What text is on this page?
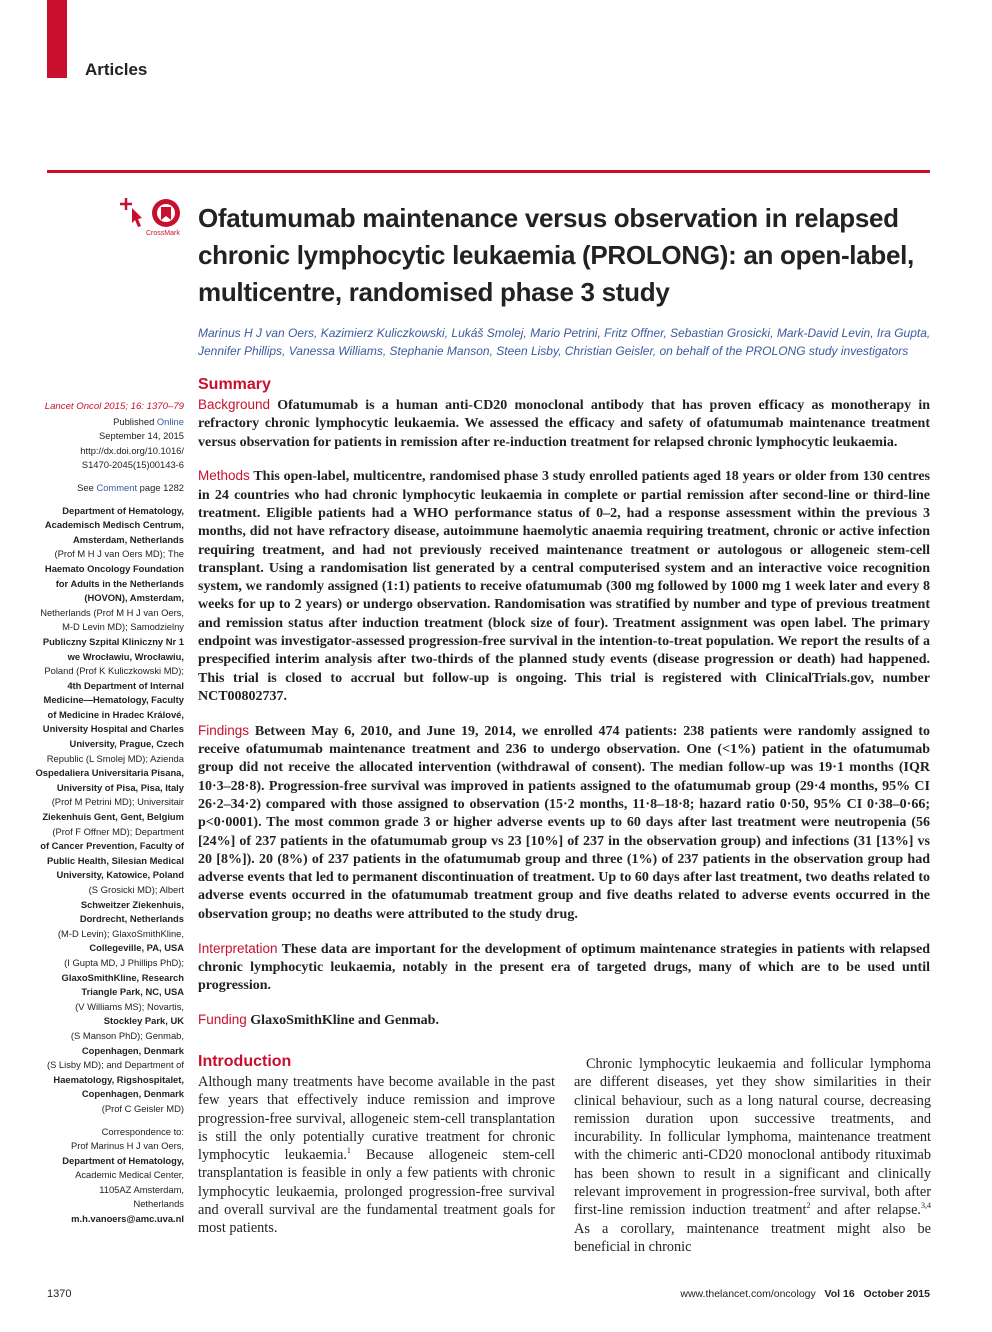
Articles
CrossMark
Ofatumumab maintenance versus observation in relapsed chronic lymphocytic leukaemia (PROLONG): an open-label, multicentre, randomised phase 3 study
Marinus H J van Oers, Kazimierz Kuliczkowski, Lukáš Smolej, Mario Petrini, Fritz Offner, Sebastian Grosicki, Mark-David Levin, Ira Gupta, Jennifer Phillips, Vanessa Williams, Stephanie Manson, Steen Lisby, Christian Geisler, on behalf of the PROLONG study investigators
Summary

Background Ofatumumab is a human anti-CD20 monoclonal antibody that has proven efficacy as monotherapy in refractory chronic lymphocytic leukaemia. We assessed the efficacy and safety of ofatumumab maintenance treatment versus observation for patients in remission after re-induction treatment for relapsed chronic lymphocytic leukaemia.

Methods This open-label, multicentre, randomised phase 3 study enrolled patients aged 18 years or older from 130 centres in 24 countries who had chronic lymphocytic leukaemia in complete or partial remission after second-line or third-line treatment. Eligible patients had a WHO performance status of 0–2, had a response assessment within the previous 3 months, did not have refractory disease, autoimmune haemolytic anaemia requiring treatment, chronic or active infection requiring treatment, and had not previously received maintenance treatment or autologous or allogeneic stem-cell transplant. Using a randomisation list generated by a central computerised system and an interactive voice recognition system, we randomly assigned (1:1) patients to receive ofatumumab (300 mg followed by 1000 mg 1 week later and every 8 weeks for up to 2 years) or undergo observation. Randomisation was stratified by number and type of previous treatment and remission status after induction treatment (block size of four). Treatment assignment was open label. The primary endpoint was investigator-assessed progression-free survival in the intention-to-treat population. We report the results of a prespecified interim analysis after two-thirds of the planned study events (disease progression or death) had happened. This trial is closed to accrual but follow-up is ongoing. This trial is registered with ClinicalTrials.gov, number NCT00802737.

Findings Between May 6, 2010, and June 19, 2014, we enrolled 474 patients: 238 patients were randomly assigned to receive ofatumumab maintenance treatment and 236 to undergo observation. One (<1%) patient in the ofatumumab group did not receive the allocated intervention (withdrawal of consent). The median follow-up was 19·1 months (IQR 10·3–28·8). Progression-free survival was improved in patients assigned to the ofatumumab group (29·4 months, 95% CI 26·2–34·2) compared with those assigned to observation (15·2 months, 11·8–18·8; hazard ratio 0·50, 95% CI 0·38–0·66; p<0·0001). The most common grade 3 or higher adverse events up to 60 days after last treatment were neutropenia (56 [24%] of 237 patients in the ofatumumab group vs 23 [10%] of 237 in the observation group) and infections (31 [13%] vs 20 [8%]). 20 (8%) of 237 patients in the ofatumumab group and three (1%) of 237 patients in the observation group had adverse events that led to permanent discontinuation of treatment. Up to 60 days after last treatment, two deaths related to adverse events occurred in the ofatumumab treatment group and five deaths related to adverse events occurred in the observation group; no deaths were attributed to the study drug.

Interpretation These data are important for the development of optimum maintenance strategies in patients with relapsed chronic lymphocytic leukaemia, notably in the present era of targeted drugs, many of which are to be used until progression.

Funding GlaxoSmithKline and Genmab.

Lancet Oncol 2015; 16: 1370–79
Published Online
September 14, 2015
http://dx.doi.org/10.1016/
S1470-2045(15)00143-6
See Comment page 1282
Department of Hematology,
Academisch Medisch Centrum,
Amsterdam, Netherlands
(Prof M H J van Oers MD); The
Haemato Oncology Foundation
for Adults in the Netherlands
(HOVON), Amsterdam,
Netherlands (Prof M H J van Oers,
M-D Levin MD); Samodzielny
Publiczny Szpital Kliniczny Nr 1
we Wrocławiu, Wrocławiu,
Poland (Prof K Kuliczkowski MD);
4th Department of Internal
Medicine—Hematology, Faculty
of Medicine in Hradec Králové,
University Hospital and Charles
University, Prague, Czech
Republic (L Smolej MD); Azienda
Ospedaliera Universitaria Pisana,
University of Pisa, Pisa, Italy
(Prof M Petrini MD); Universitair
Ziekenhuis Gent, Gent, Belgium
(Prof F Offner MD); Department
of Cancer Prevention, Faculty of
Public Health, Silesian Medical
University, Katowice, Poland
(S Grosicki MD); Albert
Schweitzer Ziekenhuis,
Dordrecht, Netherlands
(M-D Levin); GlaxoSmithKline,
Collegeville, PA, USA
(I Gupta MD, J Phillips PhD);
GlaxoSmithKline, Research
Triangle Park, NC, USA
(V Williams MS); Novartis,
Stockley Park, UK
(S Manson PhD); Genmab,
Copenhagen, Denmark
(S Lisby MD); and Department of
Haematology, Rigshospitalet,
Copenhagen, Denmark
(Prof C Geisler MD)
Correspondence to:
Prof Marinus H J van Oers,
Department of Hematology,
Academic Medical Center,
1105AZ Amsterdam,
Netherlands
m.h.vanoers@amc.uva.nl
Introduction

Although many treatments have become available in the past few years that effectively induce remission and improve progression-free survival, allogeneic stem-cell transplantation is still the only potentially curative treatment for chronic lymphocytic leukaemia.$^1$ Because allogeneic stem-cell transplantation is feasible in only a few patients with chronic lymphocytic leukaemia, prolonged progression-free survival and overall survival are the fundamental treatment goals for most patients.

Chronic lymphocytic leukaemia and follicular lymphoma are different diseases, yet they show similarities in their clinical behaviour, such as a long natural course, decreasing remission duration upon successive treatments, and incurability. In follicular lymphoma, maintenance treatment with the chimeric anti-CD20 monoclonal antibody rituximab has been shown to result in a significant and clinically relevant improvement in progression-free survival, both after first-line remission induction treatment$^2$ and after relapse.$^{3,4}$ As a corollary, maintenance treatment might also be beneficial in chronic

1370	www.thelancet.com/oncology Vol 16 October 2015
